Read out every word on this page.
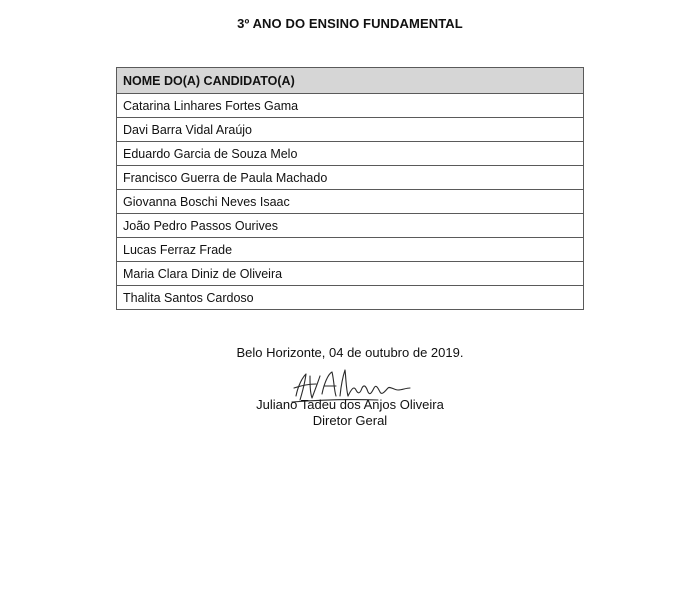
3º ANO DO ENSINO FUNDAMENTAL
NOME DO(A) CANDIDATO(A)
Catarina Linhares Fortes Gama
Davi Barra Vidal Araújo
Eduardo Garcia de Souza Melo
Francisco Guerra de Paula Machado
Giovanna Boschi Neves Isaac
João Pedro Passos Ourives
Lucas Ferraz Frade
Maria Clara Diniz de Oliveira
Thalita Santos Cardoso
Belo Horizonte, 04 de outubro de 2019.
Juliano Tadeu dos Anjos Oliveira
Diretor Geral
